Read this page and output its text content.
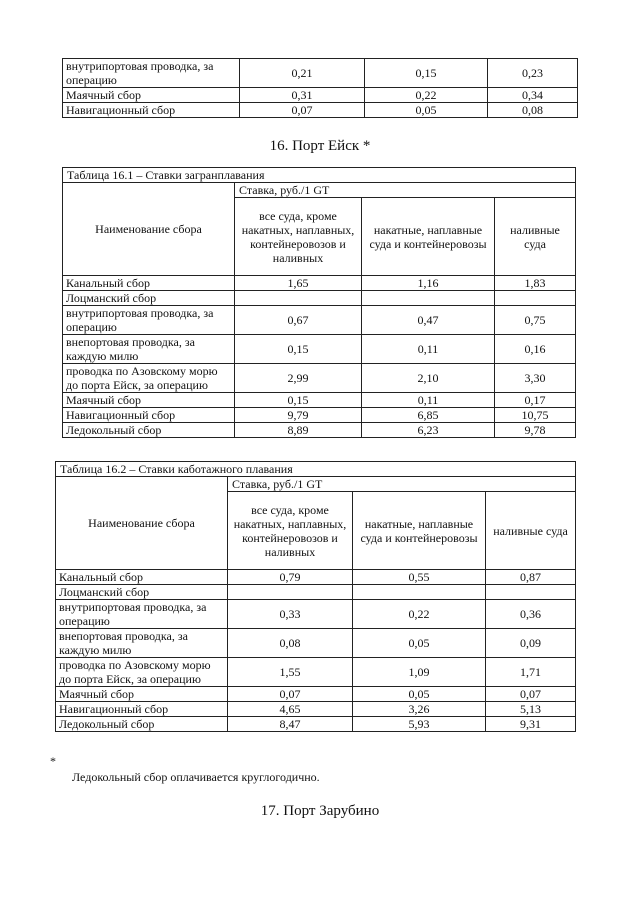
внутрипортовая проводка, за операцию	0,21	0,15	0,23
Маячный сбор	0,31	0,22	0,34
Навигационный сбор	0,07	0,05	0,08
16. Порт Ейск *
Таблица 16.1 – Ставки загранплавания			
Наименование сбора	Ставка, руб./1 GT		
	все суда, кроме накатных, наплавных, контейнеровозов и наливных	накатные, наплавные суда и контейнеровозы	наливные суда
Канальный сбор	1,65	1,16	1,83
Лоцманский сбор			
внутрипортовая проводка, за операцию	0,67	0,47	0,75
внепортовая проводка, за каждую милю	0,15	0,11	0,16
проводка по Азовскому морю до порта Ейск, за операцию	2,99	2,10	3,30
Маячный сбор	0,15	0,11	0,17
Навигационный сбор	9,79	6,85	10,75
Ледокольный сбор	8,89	6,23	9,78
Таблица 16.2 – Ставки каботажного плавания			
Наименование сбора	Ставка, руб./1 GT		
	все суда, кроме накатных, наплавных, контейнеровозов и наливных	накатные, наплавные суда и контейнеровозы	наливные суда
Канальный сбор	0,79	0,55	0,87
Лоцманский сбор			
внутрипортовая проводка, за операцию	0,33	0,22	0,36
внепортовая проводка, за каждую милю	0,08	0,05	0,09
проводка по Азовскому морю до порта Ейск, за операцию	1,55	1,09	1,71
Маячный сбор	0,07	0,05	0,07
Навигационный сбор	4,65	3,26	5,13
Ледокольный сбор	8,47	5,93	9,31
*
Ледокольный сбор оплачивается круглогодично.
17. Порт Зарубино
